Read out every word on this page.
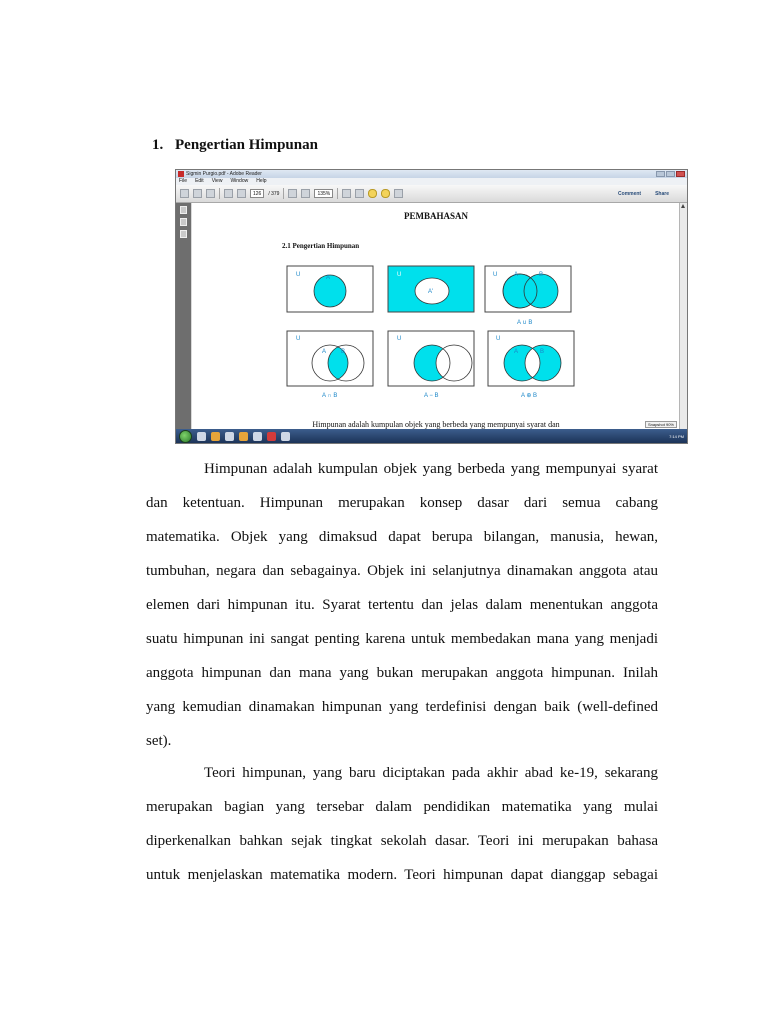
1. Pengertian Himpunan
Sigmin Purgio.pdf - Adobe Reader
File Edit View Window Help
126	/ 379	135%	Comment	Share
PEMBAHASAN
2.1 Pengertian Himpunan
U	A	U
A'
U	A	B
A ∪ B
U
A B
A ∩ B
U
A − B
U
A	B
A ⊕ B
Himpunan adalah kumpulan objek yang berbeda yang mempunyai syarat dan	Snapshot 90%
7:14 PM
Himpunan adalah kumpulan objek yang berbeda yang mempunyai syarat
dan ketentuan. Himpunan merupakan konsep dasar dari semua cabang
matematika. Objek yang dimaksud dapat berupa bilangan, manusia, hewan,
tumbuhan, negara dan sebagainya. Objek ini selanjutnya dinamakan anggota atau
elemen dari himpunan itu. Syarat tertentu dan jelas dalam menentukan anggota
suatu himpunan ini sangat penting karena untuk membedakan mana yang menjadi
anggota himpunan dan mana yang bukan merupakan anggota himpunan. Inilah
yang kemudian dinamakan himpunan yang terdefinisi dengan baik (well-defined
set).
Teori himpunan, yang baru diciptakan pada akhir abad ke-19, sekarang
merupakan bagian yang tersebar dalam pendidikan matematika yang mulai
diperkenalkan bahkan sejak tingkat sekolah dasar. Teori ini merupakan bahasa
untuk menjelaskan matematika modern. Teori himpunan dapat dianggap sebagai
